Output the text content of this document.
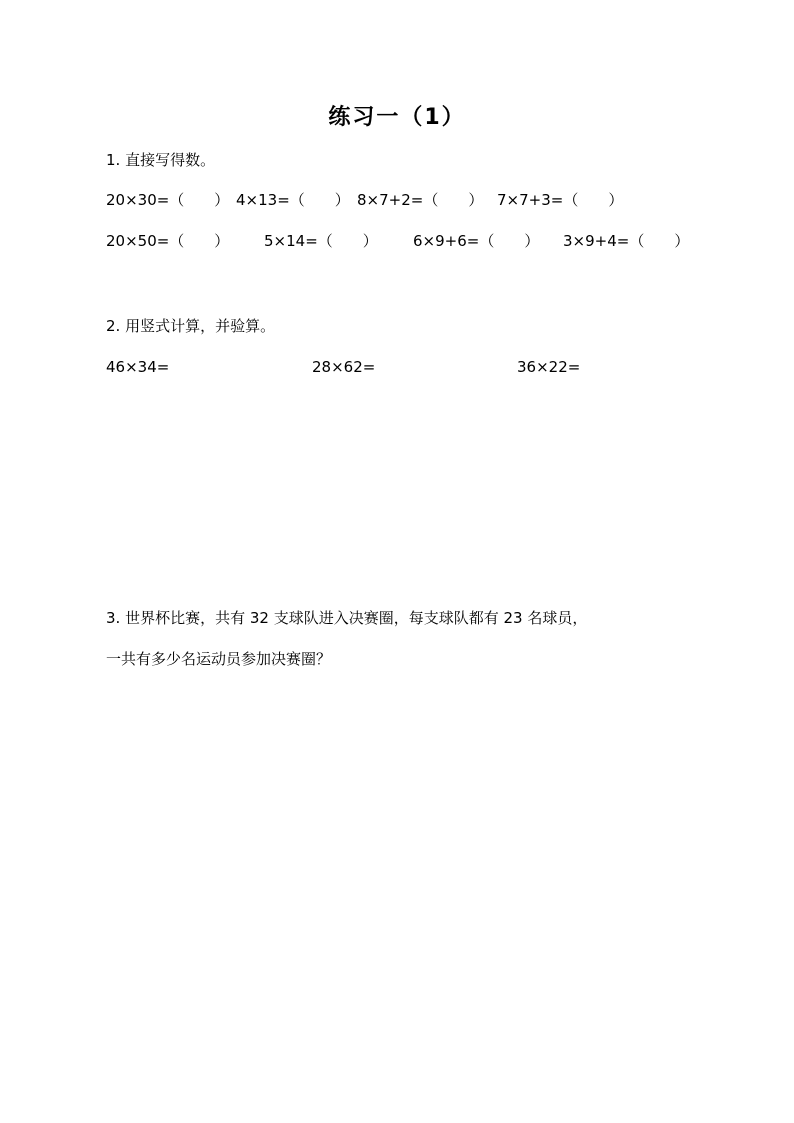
练习一（1）
1. 直接写得数。
20×30=（　　） 4×13=（　　） 8×7+2=（　　） 7×7+3=（　　）
20×50=（　　） 5×14=（　　） 6×9+6=（　　） 3×9+4=（　　）
2. 用竖式计算，并验算。
46×34=	28×62=	36×22=
3. 世界杯比赛，共有 32 支球队进入决赛圈，每支球队都有 23 名球员，
一共有多少名运动员参加决赛圈？
